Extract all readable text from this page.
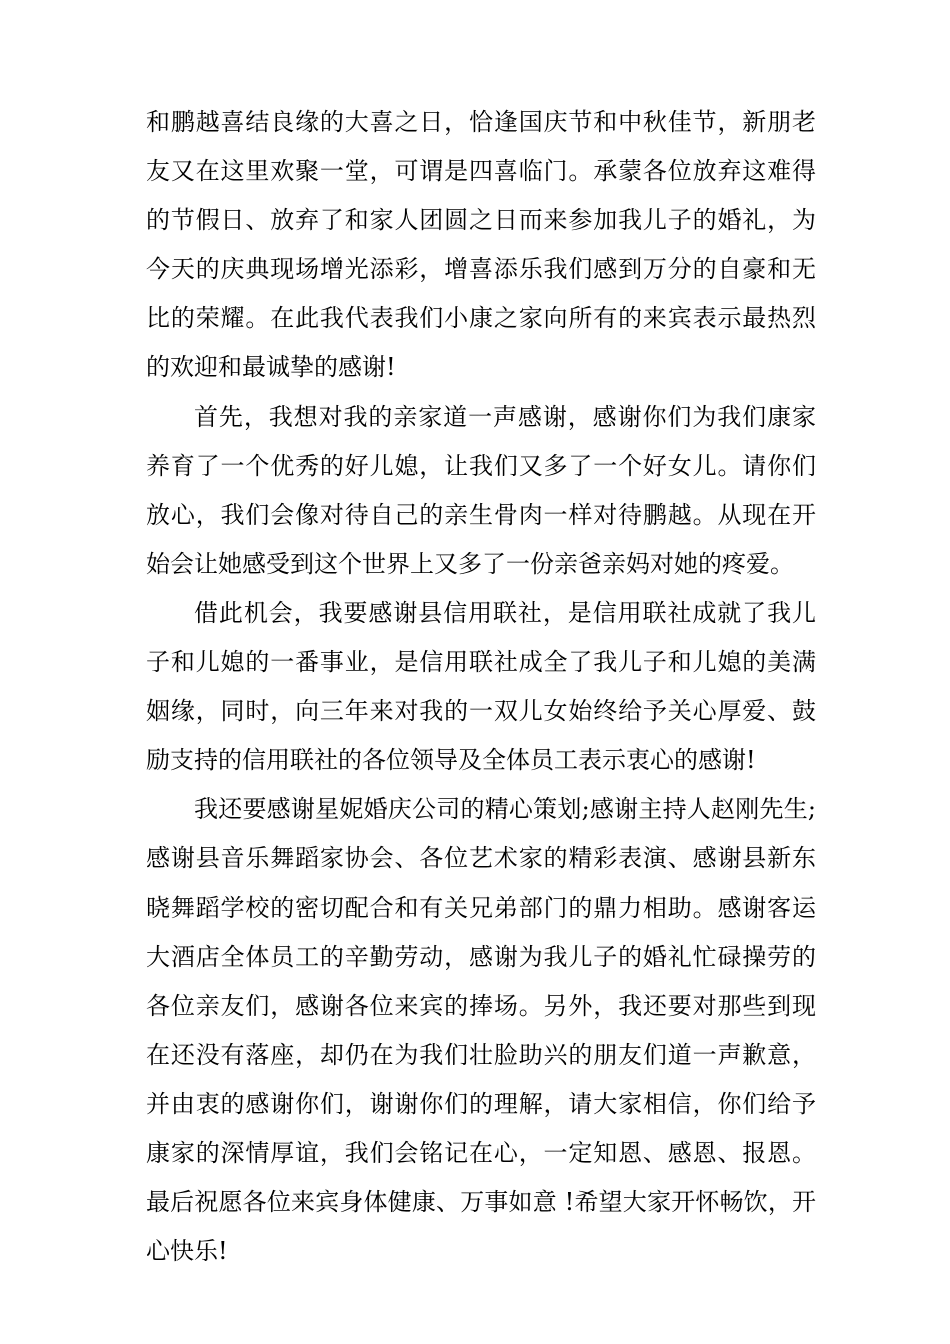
和鹏越喜结良缘的大喜之日，恰逢国庆节和中秋佳节，新朋老友又在这里欢聚一堂，可谓是四喜临门。承蒙各位放弃这难得的节假日、放弃了和家人团圆之日而来参加我儿子的婚礼，为今天的庆典现场增光添彩，增喜添乐我们感到万分的自豪和无比的荣耀。在此我代表我们小康之家向所有的来宾表示最热烈的欢迎和最诚挚的感谢!

首先，我想对我的亲家道一声感谢，感谢你们为我们康家养育了一个优秀的好儿媳，让我们又多了一个好女儿。请你们放心，我们会像对待自己的亲生骨肉一样对待鹏越。从现在开始会让她感受到这个世界上又多了一份亲爸亲妈对她的疼爱。

借此机会，我要感谢县信用联社，是信用联社成就了我儿子和儿媳的一番事业，是信用联社成全了我儿子和儿媳的美满姻缘，同时，向三年来对我的一双儿女始终给予关心厚爱、鼓励支持的信用联社的各位领导及全体员工表示衷心的感谢!

我还要感谢星妮婚庆公司的精心策划;感谢主持人赵刚先生;感谢县音乐舞蹈家协会、各位艺术家的精彩表演、感谢县新东晓舞蹈学校的密切配合和有关兄弟部门的鼎力相助。感谢客运大酒店全体员工的辛勤劳动，感谢为我儿子的婚礼忙碌操劳的各位亲友们，感谢各位来宾的捧场。另外，我还要对那些到现在还没有落座，却仍在为我们壮脸助兴的朋友们道一声歉意，并由衷的感谢你们，谢谢你们的理解，请大家相信，你们给予康家的深情厚谊，我们会铭记在心，一定知恩、感恩、报恩。最后祝愿各位来宾身体健康、万事如意 !希望大家开怀畅饮，开心快乐!
